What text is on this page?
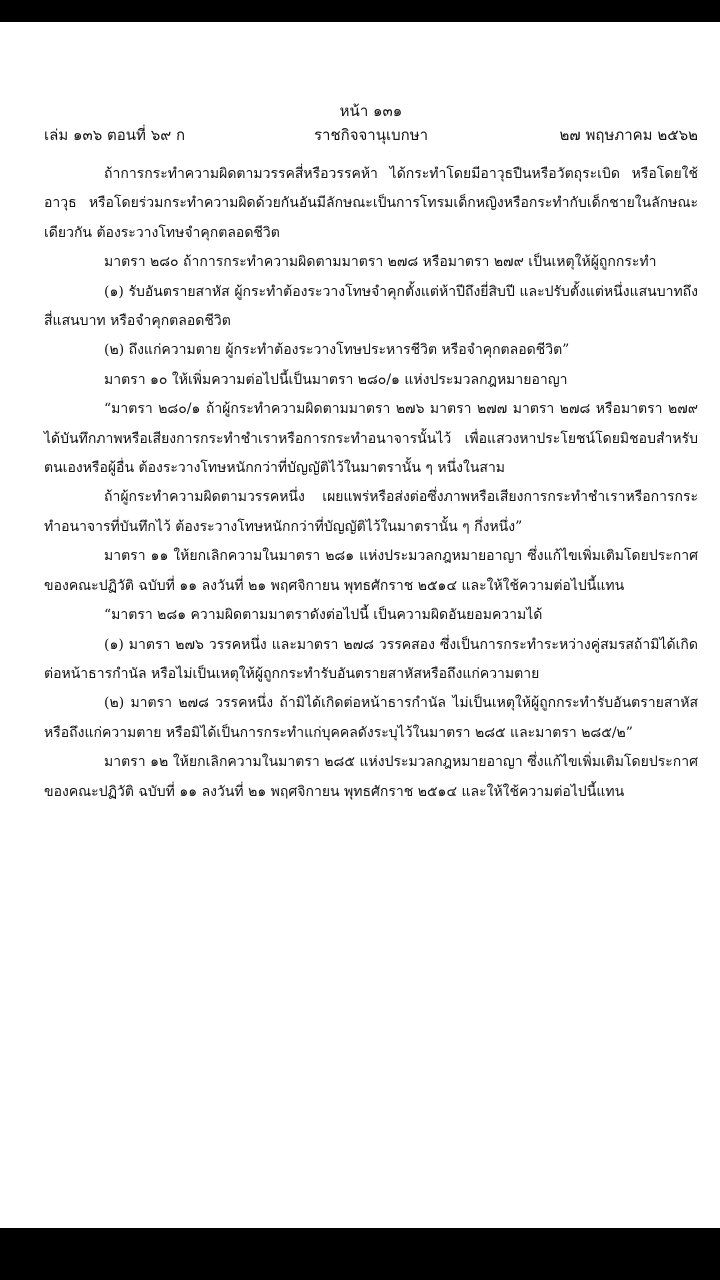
หน้า ๑๓๑
ราชกิจจานุเบกษา
เล่ม ๑๓๖ ตอนที่ ๖๙ ก	๒๗ พฤษภาคม ๒๕๖๒

ถ้าการกระทำความผิดตามวรรคสี่หรือวรรคห้า ได้กระทำโดยมีอาวุธปืนหรือวัตถุระเบิด หรือโดยใช้อาวุธ หรือโดยร่วมกระทำความผิดด้วยกันอันมีลักษณะเป็นการโทรมเด็กหญิงหรือกระทำกับเด็กชายในลักษณะเดียวกัน ต้องระวางโทษจำคุกตลอดชีวิต

มาตรา ๒๘๐ ถ้าการกระทำความผิดตามมาตรา ๒๗๘ หรือมาตรา ๒๗๙ เป็นเหตุให้ผู้ถูกกระทำ

(๑) รับอันตรายสาหัส ผู้กระทำต้องระวางโทษจำคุกตั้งแต่ห้าปีถึงยี่สิบปี และปรับตั้งแต่หนึ่งแสนบาทถึงสี่แสนบาท หรือจำคุกตลอดชีวิต

(๒) ถึงแก่ความตาย ผู้กระทำต้องระวางโทษประหารชีวิต หรือจำคุกตลอดชีวิต”

มาตรา ๑๐ ให้เพิ่มความต่อไปนี้เป็นมาตรา ๒๘๐/๑ แห่งประมวลกฎหมายอาญา

“มาตรา ๒๘๐/๑ ถ้าผู้กระทำความผิดตามมาตรา ๒๗๖ มาตรา ๒๗๗ มาตรา ๒๗๘ หรือมาตรา ๒๗๙ ได้บันทึกภาพหรือเสียงการกระทำชำเราหรือการกระทำอนาจารนั้นไว้ เพื่อแสวงหาประโยชน์โดยมิชอบสำหรับตนเองหรือผู้อื่น ต้องระวางโทษหนักกว่าที่บัญญัติไว้ในมาตรานั้น ๆ หนึ่งในสาม

ถ้าผู้กระทำความผิดตามวรรคหนึ่ง เผยแพร่หรือส่งต่อซึ่งภาพหรือเสียงการกระทำชำเราหรือการกระทำอนาจารที่บันทึกไว้ ต้องระวางโทษหนักกว่าที่บัญญัติไว้ในมาตรานั้น ๆ กึ่งหนึ่ง”

มาตรา ๑๑ ให้ยกเลิกความในมาตรา ๒๘๑ แห่งประมวลกฎหมายอาญา ซึ่งแก้ไขเพิ่มเติมโดยประกาศของคณะปฏิวัติ ฉบับที่ ๑๑ ลงวันที่ ๒๑ พฤศจิกายน พุทธศักราช ๒๕๑๔ และให้ใช้ความต่อไปนี้แทน

“มาตรา ๒๘๑ ความผิดตามมาตราดังต่อไปนี้ เป็นความผิดอันยอมความได้

(๑) มาตรา ๒๗๖ วรรคหนึ่ง และมาตรา ๒๗๘ วรรคสอง ซึ่งเป็นการกระทำระหว่างคู่สมรสถ้ามิได้เกิดต่อหน้าธารกำนัล หรือไม่เป็นเหตุให้ผู้ถูกกระทำรับอันตรายสาหัสหรือถึงแก่ความตาย

(๒) มาตรา ๒๗๘ วรรคหนึ่ง ถ้ามิได้เกิดต่อหน้าธารกำนัล ไม่เป็นเหตุให้ผู้ถูกกระทำรับอันตรายสาหัสหรือถึงแก่ความตาย หรือมิได้เป็นการกระทำแก่บุคคลดังระบุไว้ในมาตรา ๒๘๕ และมาตรา ๒๘๕/๒”

มาตรา ๑๒ ให้ยกเลิกความในมาตรา ๒๘๕ แห่งประมวลกฎหมายอาญา ซึ่งแก้ไขเพิ่มเติมโดยประกาศของคณะปฏิวัติ ฉบับที่ ๑๑ ลงวันที่ ๒๑ พฤศจิกายน พุทธศักราช ๒๕๑๔ และให้ใช้ความต่อไปนี้แทน
